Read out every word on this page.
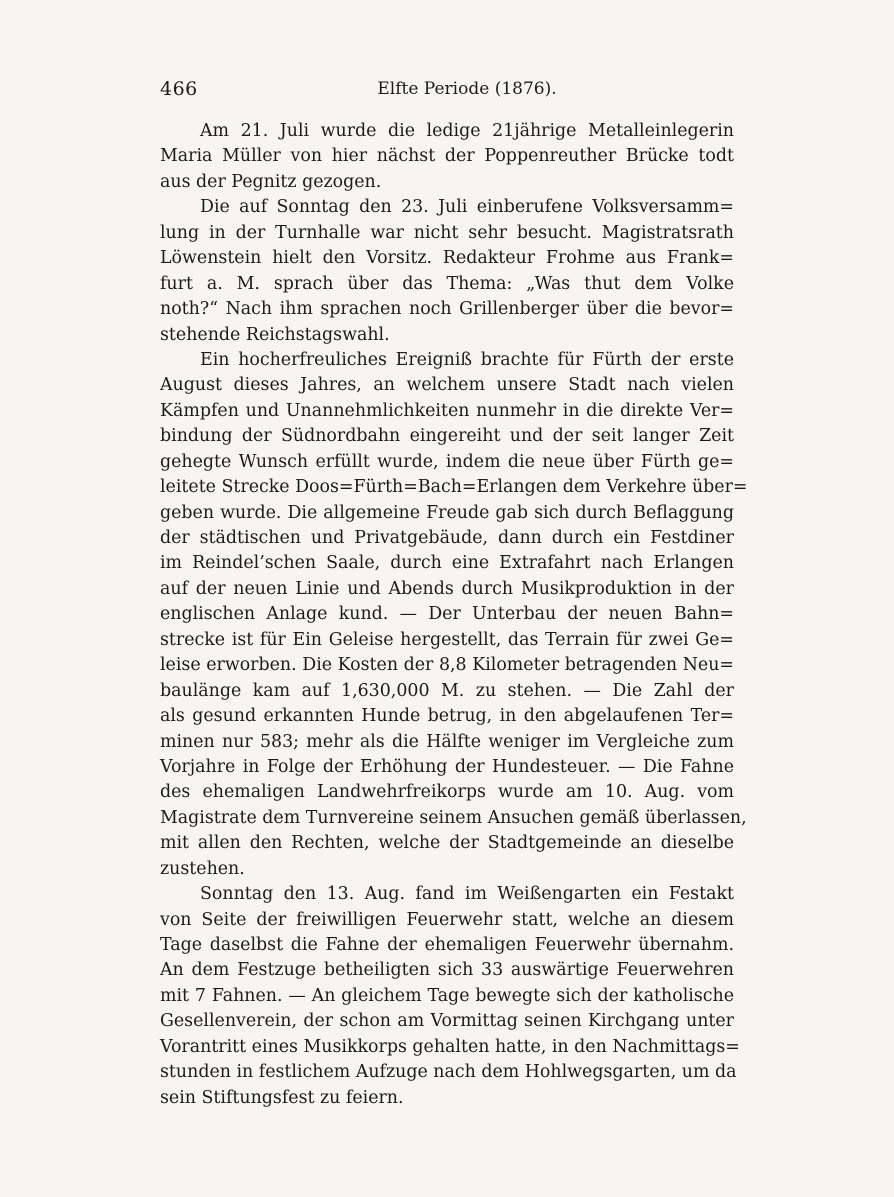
466	Elfte Periode (1876).
Am 21. Juli wurde die ledige 21jährige Metalleinlegerin
Maria Müller von hier nächst der Poppenreuther Brücke todt
aus der Pegnitz gezogen.
Die auf Sonntag den 23. Juli einberufene Volksversamm=
lung in der Turnhalle war nicht sehr besucht. Magistratsrath
Löwenstein hielt den Vorsitz. Redakteur Frohme aus Frank=
furt a. M. sprach über das Thema: „Was thut dem Volke
noth?“ Nach ihm sprachen noch Grillenberger über die bevor=
stehende Reichstagswahl.
Ein hocherfreuliches Ereigniß brachte für Fürth der erste
August dieses Jahres, an welchem unsere Stadt nach vielen
Kämpfen und Unannehmlichkeiten nunmehr in die direkte Ver=
bindung der Südnordbahn eingereiht und der seit langer Zeit
gehegte Wunsch erfüllt wurde, indem die neue über Fürth ge=
leitete Strecke Doos=Fürth=Bach=Erlangen dem Verkehre über=
geben wurde. Die allgemeine Freude gab sich durch Beflaggung
der städtischen und Privatgebäude, dann durch ein Festdiner
im Reindel’schen Saale, durch eine Extrafahrt nach Erlangen
auf der neuen Linie und Abends durch Musikproduktion in der
englischen Anlage kund. — Der Unterbau der neuen Bahn=
strecke ist für Ein Geleise hergestellt, das Terrain für zwei Ge=
leise erworben. Die Kosten der 8,8 Kilometer betragenden Neu=
baulänge kam auf 1,630,000 M. zu stehen. — Die Zahl der
als gesund erkannten Hunde betrug, in den abgelaufenen Ter=
minen nur 583; mehr als die Hälfte weniger im Vergleiche zum
Vorjahre in Folge der Erhöhung der Hundesteuer. — Die Fahne
des ehemaligen Landwehrfreikorps wurde am 10. Aug. vom
Magistrate dem Turnvereine seinem Ansuchen gemäß überlassen,
mit allen den Rechten, welche der Stadtgemeinde an dieselbe
zustehen.
Sonntag den 13. Aug. fand im Weißengarten ein Festakt
von Seite der freiwilligen Feuerwehr statt, welche an diesem
Tage daselbst die Fahne der ehemaligen Feuerwehr übernahm.
An dem Festzuge betheiligten sich 33 auswärtige Feuerwehren
mit 7 Fahnen. — An gleichem Tage bewegte sich der katholische
Gesellenverein, der schon am Vormittag seinen Kirchgang unter
Vorantritt eines Musikkorps gehalten hatte, in den Nachmittags=
stunden in festlichem Aufzuge nach dem Hohlwegsgarten, um da
sein Stiftungsfest zu feiern.
